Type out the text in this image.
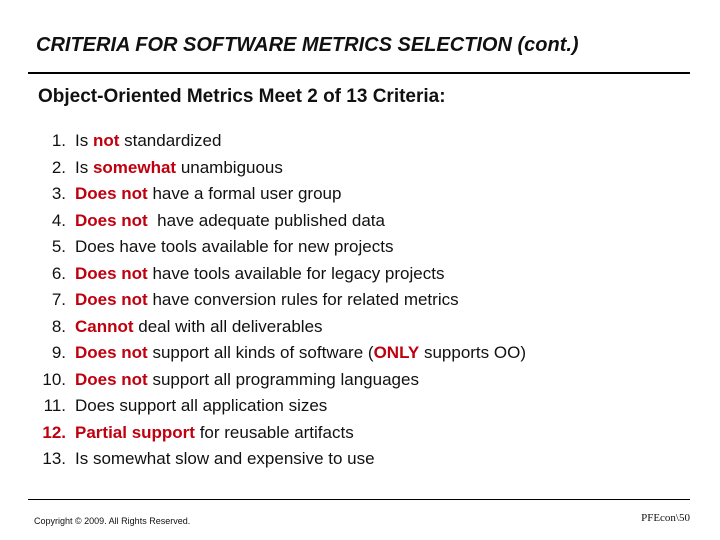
CRITERIA FOR SOFTWARE METRICS SELECTION (cont.)
Object-Oriented Metrics Meet 2 of 13 Criteria:
1. Is not standardized
2. Is somewhat unambiguous
3. Does not have a formal user group
4. Does not  have adequate published data
5. Does have tools available for new projects
6. Does not have tools available for legacy projects
7. Does not have conversion rules for related metrics
8. Cannot deal with all deliverables
9. Does not support all kinds of software (ONLY supports OO)
10. Does not support all programming languages
11. Does support all application sizes
12. Partial support for reusable artifacts
13. Is somewhat slow and expensive to use
Copyright © 2009. All Rights Reserved.	PFEcon\50
